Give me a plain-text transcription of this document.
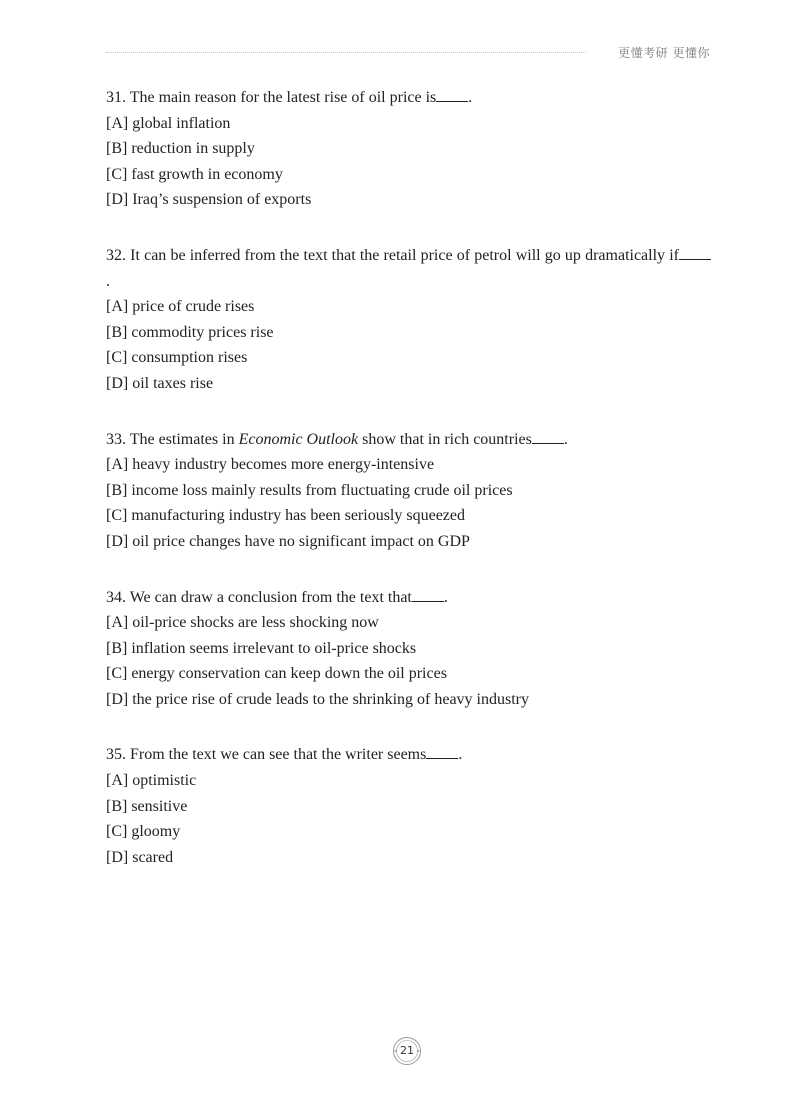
更懂考研 更懂你

31. The main reason for the latest rise of oil price is .

[A] global inflation

[B] reduction in supply

[C] fast growth in economy

[D] Iraq’s suspension of exports

32. It can be inferred from the text that the retail price of petrol will go up dramatically if.

[A] price of crude rises

[B] commodity prices rise

[C] consumption rises

[D] oil taxes rise

33. The estimates in Economic Outlook show that in rich countries .

[A] heavy industry becomes more energy-intensive

[B] income loss mainly results from fluctuating crude oil prices

[C] manufacturing industry has been seriously squeezed

[D] oil price changes have no significant impact on GDP

34. We can draw a conclusion from the text that .

[A] oil-price shocks are less shocking now

[B] inflation seems irrelevant to oil-price shocks

[C] energy conservation can keep down the oil prices

[D] the price rise of crude leads to the shrinking of heavy industry

35. From the text we can see that the writer seems .

[A] optimistic

[B] sensitive

[C] gloomy

[D] scared

21
